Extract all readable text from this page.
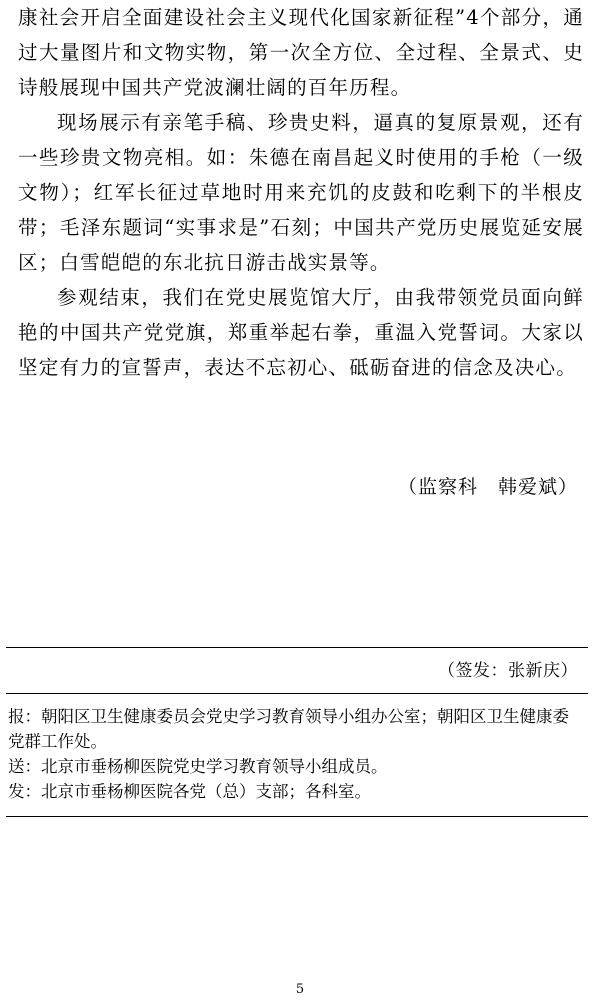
康社会开启全面建设社会主义现代化国家新征程”4个部分，通过大量图片和文物实物，第一次全方位、全过程、全景式、史诗般展现中国共产党波澜壮阔的百年历程。

现场展示有亲笔手稿、珍贵史料，逼真的复原景观，还有一些珍贵文物亮相。如：朱德在南昌起义时使用的手枪（一级文物）；红军长征过草地时用来充饥的皮鼓和吃剩下的半根皮带；毛泽东题词“实事求是”石刻；中国共产党历史展览延安展区；白雪皑皑的东北抗日游击战实景等。

参观结束，我们在党史展览馆大厅，由我带领党员面向鲜艳的中国共产党党旗，郑重举起右拳，重温入党誓词。大家以坚定有力的宣誓声，表达不忘初心、砥砺奋进的信念及决心。

（监察科　韩爱斌）

（签发：张新庆）

报：朝阳区卫生健康委员会党史学习教育领导小组办公室；朝阳区卫生健康委党群工作处。

送：北京市垂杨柳医院党史学习教育领导小组成员。

发：北京市垂杨柳医院各党（总）支部；各科室。

5
